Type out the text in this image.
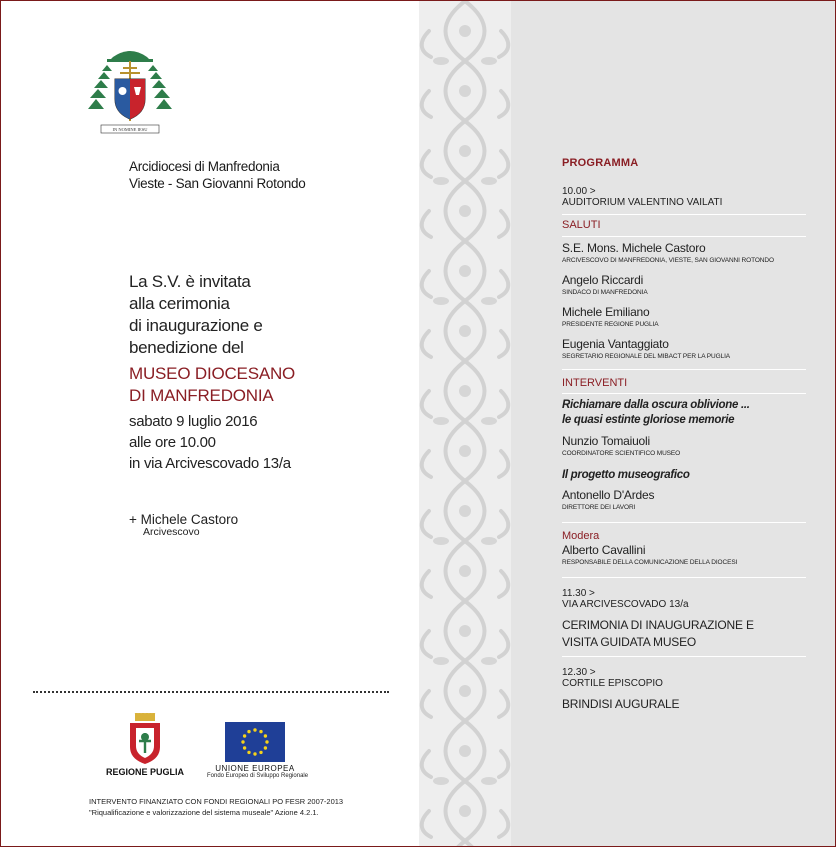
IN NOMINE IESU
Arcidiocesi di Manfredonia
Vieste - San Giovanni Rotondo
La S.V. è invitata
alla cerimonia
di inaugurazione e
benedizione del
MUSEO DIOCESANO
DI MANFREDONIA
sabato 9 luglio 2016
alle ore 10.00
in via Arcivescovado 13/a
+ Michele Castoro
Arcivescovo
REGIONE PUGLIA	UNIONE EUROPEA
Fondo Europeo di Sviluppo Regionale
INTERVENTO FINANZIATO CON FONDI REGIONALI PO FESR 2007-2013
"Riqualificazione e valorizzazione del sistema museale" Azione 4.2.1.
PROGRAMMA
10.00 >
AUDITORIUM VALENTINO VAILATI
SALUTI
S.E. Mons. Michele Castoro
ARCIVESCOVO DI MANFREDONIA, VIESTE, SAN GIOVANNI ROTONDO
Angelo Riccardi
SINDACO DI MANFREDONIA
Michele Emiliano
PRESIDENTE REGIONE PUGLIA
Eugenia Vantaggiato
SEGRETARIO REGIONALE DEL MIBACT PER LA PUGLIA
INTERVENTI
Richiamare dalla oscura oblivione ...
le quasi estinte gloriose memorie
Nunzio Tomaiuoli
COORDINATORE SCIENTIFICO MUSEO
Il progetto museografico
Antonello D'Ardes
DIRETTORE DEI LAVORI
Modera
Alberto Cavallini
RESPONSABILE DELLA COMUNICAZIONE DELLA DIOCESI
11.30 >
VIA ARCIVESCOVADO 13/a
CERIMONIA DI INAUGURAZIONE E
VISITA GUIDATA MUSEO
12.30 >
CORTILE EPISCOPIO
BRINDISI AUGURALE
